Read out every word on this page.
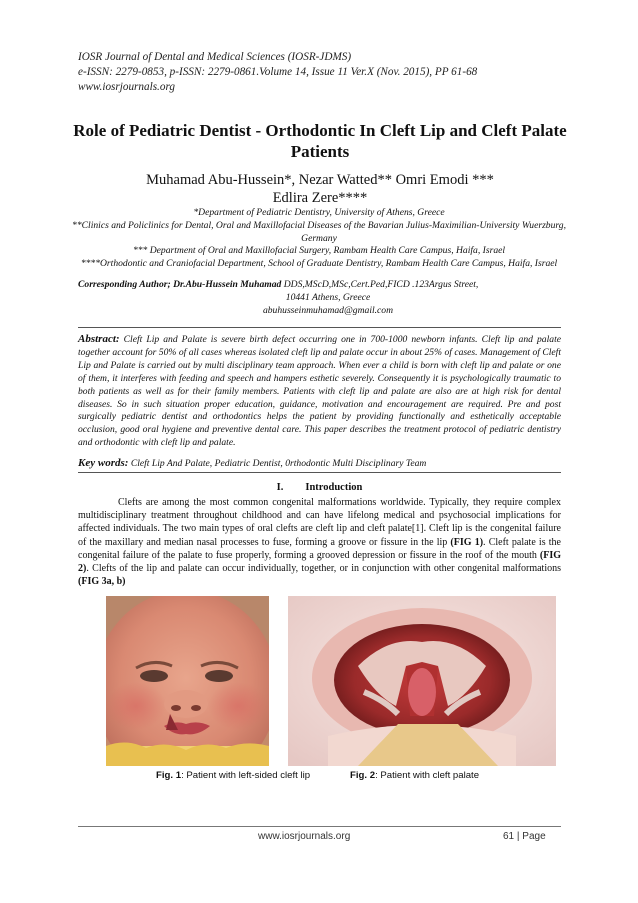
IOSR Journal of Dental and Medical Sciences (IOSR-JDMS)
e-ISSN: 2279-0853, p-ISSN: 2279-0861.Volume 14, Issue 11 Ver.X (Nov. 2015), PP 61-68
www.iosrjournals.org
Role of Pediatric Dentist - Orthodontic In Cleft Lip and Cleft Palate Patients
Muhamad Abu-Hussein*, Nezar Watted** Omri Emodi ***
Edlira Zere****

*Department of Pediatric Dentistry, University of Athens, Greece

**Clinics and Policlinics for Dental, Oral and Maxillofacial Diseases of the Bavarian Julius-Maximilian-University Wuerzburg, Germany

*** Department of Oral and Maxillofacial Surgery, Rambam Health Care Campus, Haifa, Israel

****Orthodontic and Craniofacial Department, School of Graduate Dentistry, Rambam Health Care Campus, Haifa, Israel

Corresponding Author; Dr.Abu-Hussein Muhamad DDS,MScD,MSc,Cert.Ped,FICD .123Argus Street,
10441 Athens, Greece
abuhusseinmuhamad@gmail.com
Abstract: Cleft Lip and Palate is severe birth defect occurring one in 700-1000 newborn infants. Cleft lip and palate together account for 50% of all cases whereas isolated cleft lip and palate occur in about 25% of cases. Management of Cleft Lip and Palate is carried out by multi disciplinary team approach. When ever a child is born with cleft lip and palate or one of them, it interferes with feeding and speech and hampers esthetic severely. Consequently it is psychologically traumatic to both patients as well as for their family members. Patients with cleft lip and palate are also are at high risk for dental diseases. So in such situation proper education, guidance, motivation and encouragement are required. Pre and post surgically pediatric dentist and orthodontics helps the patient by providing functionally and esthetically acceptable occlusion, good oral hygiene and preventive dental care. This paper describes the treatment protocol of pediatric dentistry and orthodontic with cleft lip and palate.
Key words: Cleft Lip And Palate, Pediatric Dentist, 0rthodontic Multi Disciplinary Team
I. Introduction
Clefts are among the most common congenital malformations worldwide. Typically, they require complex multidisciplinary treatment throughout childhood and can have lifelong medical and psychosocial implications for affected individuals. The two main types of oral clefts are cleft lip and cleft palate[1]. Cleft lip is the congenital failure of the maxillary and median nasal processes to fuse, forming a groove or fissure in the lip (FIG 1). Cleft palate is the congenital failure of the palate to fuse properly, forming a grooved depression or fissure in the roof of the mouth (FIG 2). Clefts of the lip and palate can occur individually, together, or in conjunction with other congenital malformations (FIG 3a, b)
Fig. 1: Patient with left-sided cleft lip	Fig. 2: Patient with cleft palate
www.iosrjournals.org	61 | Page
